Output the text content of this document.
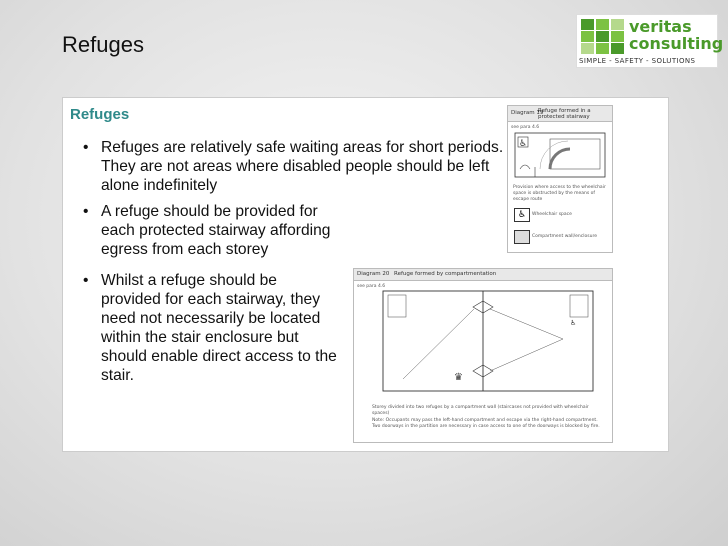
Refuges
veritas
consulting
SIMPLE - SAFETY - SOLUTIONS
Refuges
• Refuges are relatively safe waiting areas for short periods. They are not areas where disabled people should be left alone indefinitely
• A refuge should be provided for each protected stairway affording egress from each storey
• Whilst a refuge should be provided for each stairway, they need not necessarily be located within the stair enclosure but should enable direct access to the stair.
Diagram 19
Refuge formed in a protected stairway
see para 4.6
♿
Provision where access to the wheelchair space is obstructed by the means of escape route
♿	Wheelchair space
Compartment wall/enclosure
Diagram 20 Refuge formed by compartmentation
see para 4.6
♛
♿
Storey divided into two refuges by a compartment wall (staircases not provided with wheelchair spaces)
Note: Occupants may pass the left-hand compartment and escape via the right-hand compartment. Two doorways in the partition are necessary in case access to one of the doorways is blocked by fire.
